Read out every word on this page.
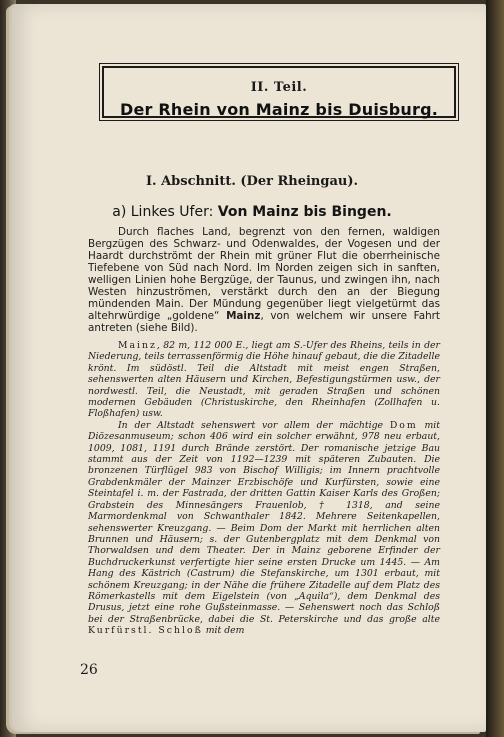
II. Teil.
Der Rhein von Mainz bis Duisburg.
I. Abschnitt. (Der Rheingau).
a) Linkes Ufer: Von Mainz bis Bingen.
Durch flaches Land, begrenzt von den fernen, waldigen Bergzügen des Schwarz- und Odenwaldes, der Vogesen und der Haardt durchströmt der Rhein mit grüner Flut die oberrheinische Tiefebene von Süd nach Nord. Im Norden zeigen sich in sanften, welligen Linien hohe Bergzüge, der Taunus, und zwingen ihn, nach Westen hinzuströmen, verstärkt durch den an der Biegung mündenden Main. Der Mündung gegenüber liegt vielgetürmt das altehrwürdige „goldene“ Mainz, von welchem wir unsere Fahrt antreten (siehe Bild).

Mainz, 82 m, 112 000 E., liegt am S.-Ufer des Rheins, teils in der Niederung, teils terrassenförmig die Höhe hinauf gebaut, die die Zitadelle krönt. Im südöstl. Teil die Altstadt mit meist engen Straßen, sehenswerten alten Häusern und Kirchen, Befestigungstürmen usw., der nordwestl. Teil, die Neustadt, mit geraden Straßen und schönen modernen Gebäuden (Christuskirche, den Rheinhafen (Zollhafen u. Floßhafen) usw.

In der Altstadt sehenswert vor allem der mächtige Dom mit Diözesanmuseum; schon 406 wird ein solcher erwähnt, 978 neu erbaut, 1009, 1081, 1191 durch Brände zerstört. Der romanische jetzige Bau stammt aus der Zeit von 1192—1239 mit späteren Zubauten. Die bronzenen Türflügel 983 von Bischof Willigis; im Innern prachtvolle Grabdenkmäler der Mainzer Erzbischöfe und Kurfürsten, sowie eine Steintafel i. m. der Fastrada, der dritten Gattin Kaiser Karls des Großen; Grabstein des Minnesängers Frauenlob, † 1318, and seine Marmordenkmal von Schwanthaler 1842. Mehrere Seitenkapellen, sehenswerter Kreuzgang. — Beim Dom der Markt mit herrlichen alten Brunnen und Häusern; s. der Gutenbergplatz mit dem Denkmal von Thorwaldsen und dem Theater. Der in Mainz geborene Erfinder der Buchdruckerkunst verfertigte hier seine ersten Drucke um 1445. — Am Hang des Kästrich (Castrum) die Stefanskirche, um 1301 erbaut, mit schönem Kreuzgang; in der Nähe die frühere Zitadelle auf dem Platz des Römerkastells mit dem Eigelstein (von „Aquila“), dem Denkmal des Drusus, jetzt eine rohe Gußsteinmasse. — Sehenswert noch das Schloß bei der Straßenbrücke, dabei die St. Peterskirche und das große alte Kurfürstl. Schloß mit dem

26
